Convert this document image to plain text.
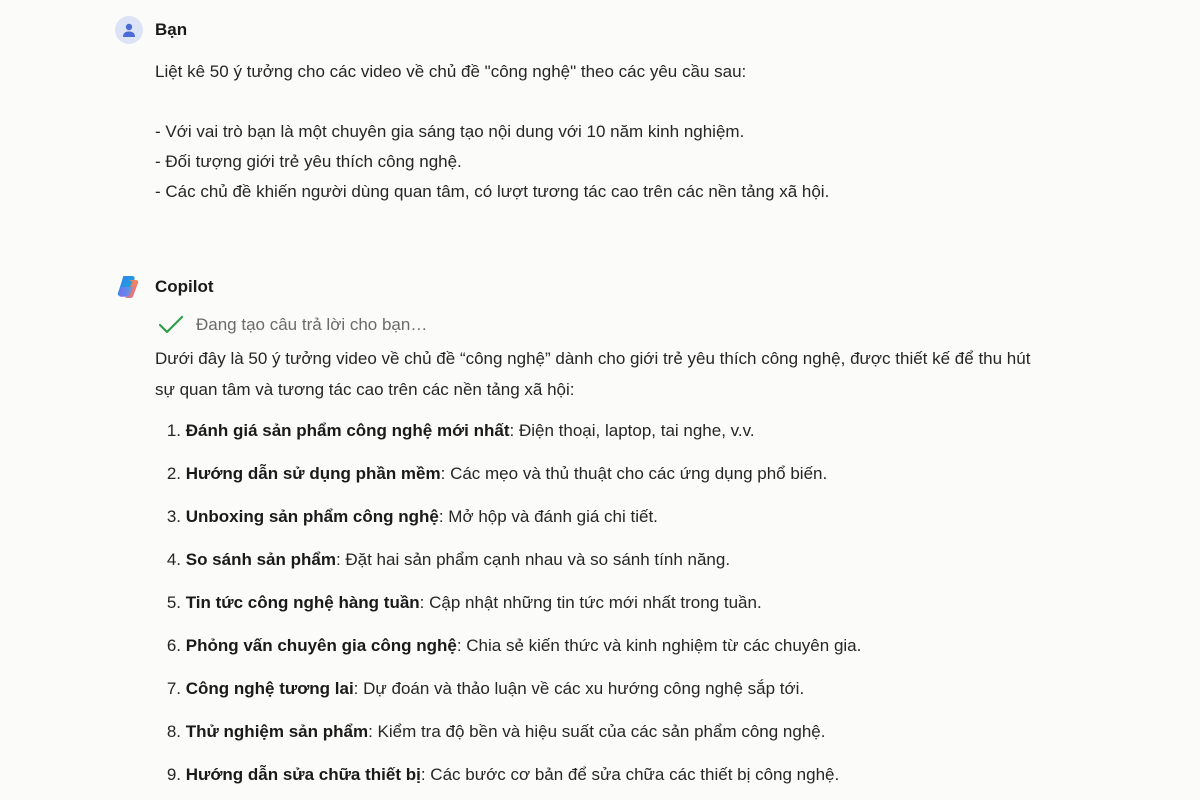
Bạn
Liệt kê 50 ý tưởng cho các video về chủ đề "công nghệ" theo các yêu cầu sau:
- Với vai trò bạn là một chuyên gia sáng tạo nội dung với 10 năm kinh nghiệm.
- Đối tượng giới trẻ yêu thích công nghệ.
- Các chủ đề khiến người dùng quan tâm, có lượt tương tác cao trên các nền tảng xã hội.
Copilot
Đang tạo câu trả lời cho bạn…
Dưới đây là 50 ý tưởng video về chủ đề “công nghệ” dành cho giới trẻ yêu thích công nghệ, được thiết kế để thu hút sự quan tâm và tương tác cao trên các nền tảng xã hội:
1. Đánh giá sản phẩm công nghệ mới nhất: Điện thoại, laptop, tai nghe, v.v.
2. Hướng dẫn sử dụng phần mềm: Các mẹo và thủ thuật cho các ứng dụng phổ biến.
3. Unboxing sản phẩm công nghệ: Mở hộp và đánh giá chi tiết.
4. So sánh sản phẩm: Đặt hai sản phẩm cạnh nhau và so sánh tính năng.
5. Tin tức công nghệ hàng tuần: Cập nhật những tin tức mới nhất trong tuần.
6. Phỏng vấn chuyên gia công nghệ: Chia sẻ kiến thức và kinh nghiệm từ các chuyên gia.
7. Công nghệ tương lai: Dự đoán và thảo luận về các xu hướng công nghệ sắp tới.
8. Thử nghiệm sản phẩm: Kiểm tra độ bền và hiệu suất của các sản phẩm công nghệ.
9. Hướng dẫn sửa chữa thiết bị: Các bước cơ bản để sửa chữa các thiết bị công nghệ.
